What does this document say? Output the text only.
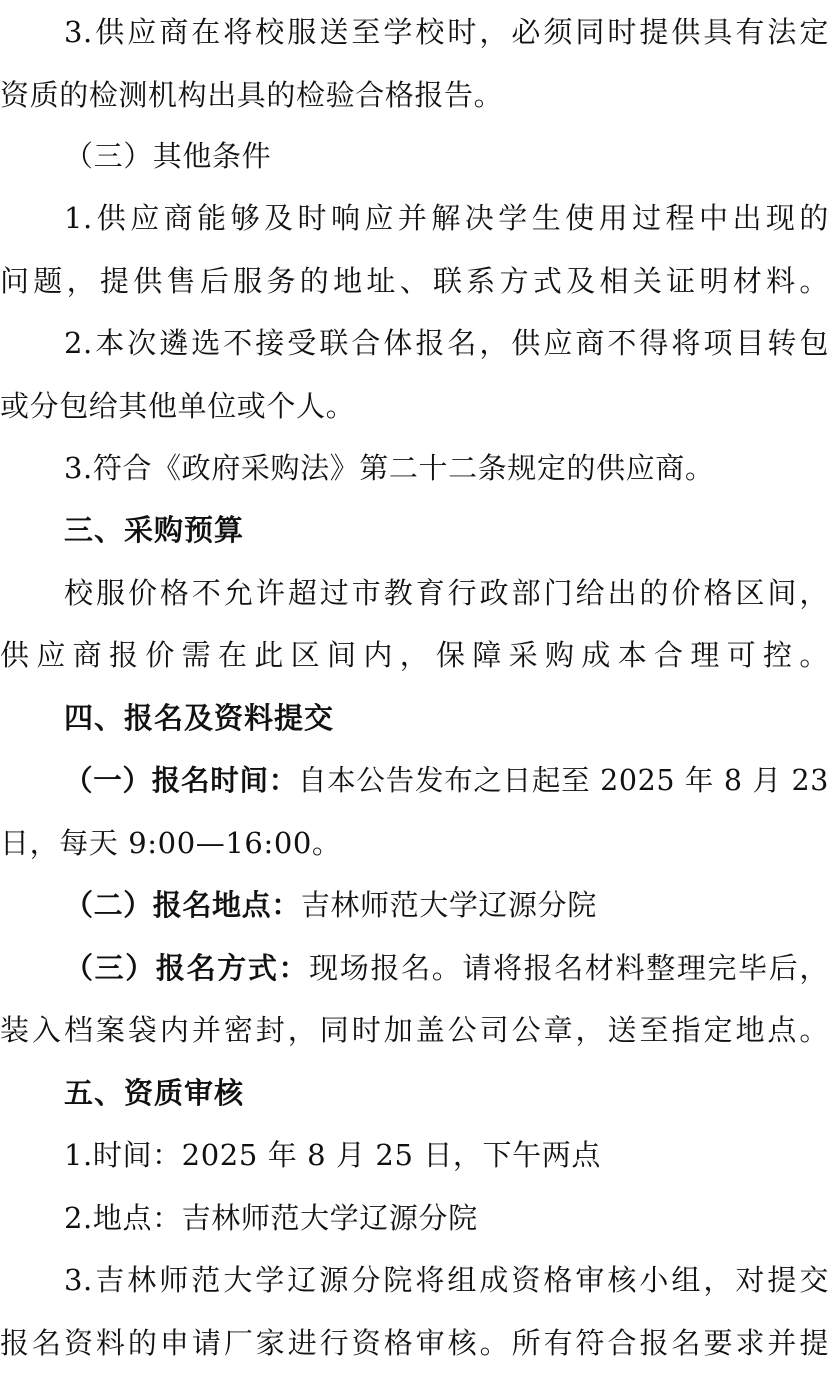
3.供应商在将校服送至学校时，必须同时提供具有法定
资质的检测机构出具的检验合格报告。
（三）其他条件
1.供应商能够及时响应并解决学生使用过程中出现的
问题，提供售后服务的地址、联系方式及相关证明材料。
2.本次遴选不接受联合体报名，供应商不得将项目转包
或分包给其他单位或个人。
3.符合《政府采购法》第二十二条规定的供应商。
三、采购预算
校服价格不允许超过市教育行政部门给出的价格区间，
供应商报价需在此区间内，保障采购成本合理可控。
四、报名及资料提交
（一）报名时间：自本公告发布之日起至 2025 年 8 月 23
日，每天 9:00—16:00。
（二）报名地点：吉林师范大学辽源分院
（三）报名方式：现场报名。请将报名材料整理完毕后，
装入档案袋内并密封，同时加盖公司公章，送至指定地点。
五、资质审核
1.时间：2025 年 8 月 25 日，下午两点
2.地点：吉林师范大学辽源分院
3.吉林师范大学辽源分院将组成资格审核小组，对提交
报名资料的申请厂家进行资格审核。所有符合报名要求并提
